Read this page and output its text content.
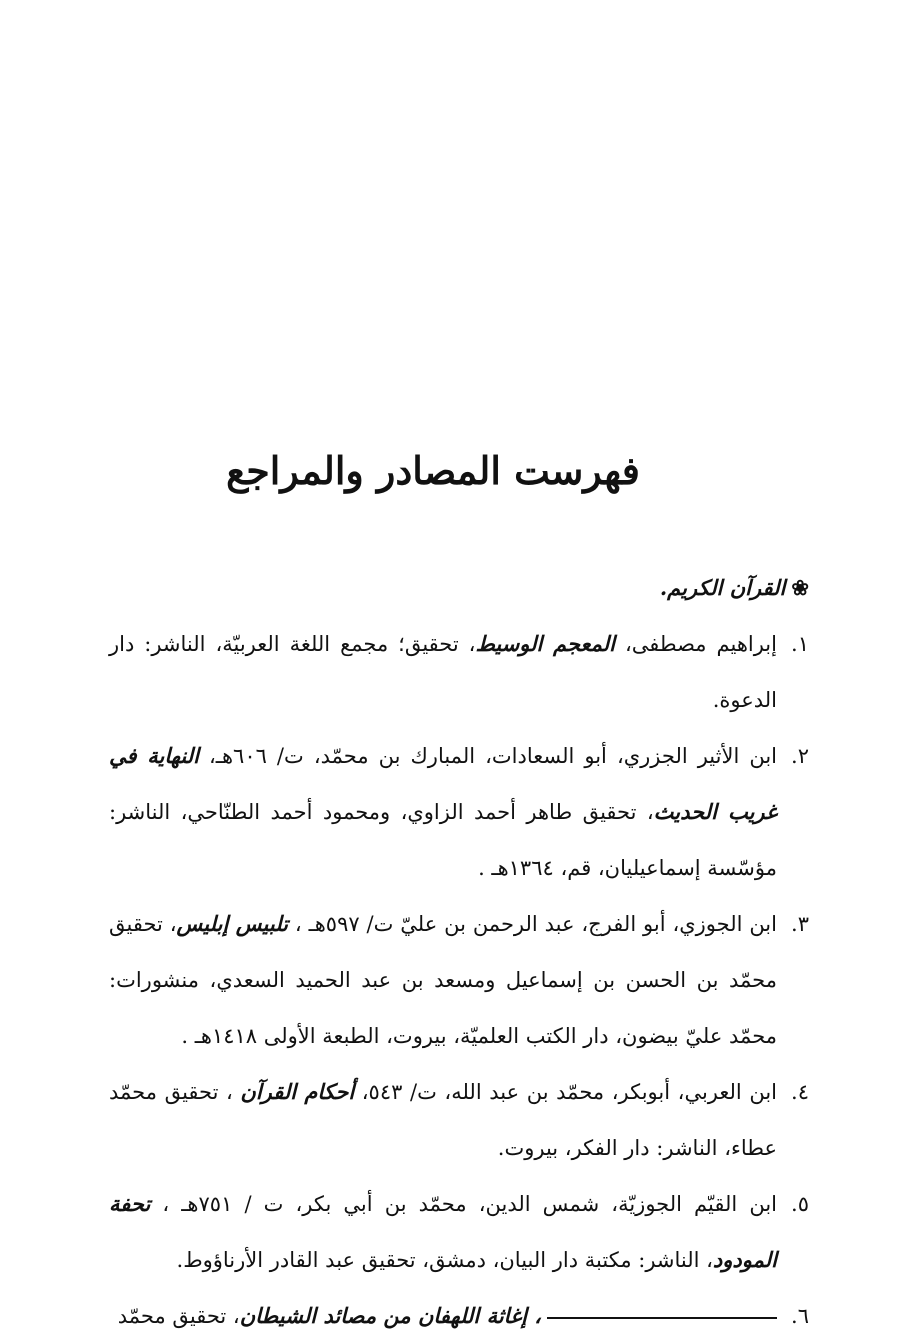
فهرست المصادر والمراجع
❀القرآن الكريم.
١.
إبراهيم مصطفى، المعجم الوسيط، تحقيق؛ مجمع اللغة العربيّة، الناشر: دار الدعوة.
٢.
ابن الأثير الجزري، أبو السعادات، المبارك بن محمّد، ت/ ٦٠٦هـ، النهاية في غريب الحديث، تحقيق طاهر أحمد الزاوي، ومحمود أحمد الطنّاحي، الناشر: مؤسّسة إسماعيليان، قم، ١٣٦٤هـ .
٣.
ابن الجوزي، أبو الفرج، عبد الرحمن بن عليّ ت/ ٥٩٧هـ ، تلبيس إبليس، تحقيق محمّد بن الحسن بن إسماعيل ومسعد بن عبد الحميد السعدي، منشورات: محمّد عليّ بيضون، دار الكتب العلميّة، بيروت، الطبعة الأولى ١٤١٨هـ .
٤.
ابن العربي، أبوبكر، محمّد بن عبد الله، ت/ ٥٤٣، أحكام القرآن ، تحقيق محمّد عطاء، الناشر: دار الفكر، بيروت.
٥.
ابن القيّم الجوزيّة، شمس الدين، محمّد بن أبي بكر، ت / ٧٥١هـ ، تحفة المودود، الناشر: مكتبة دار البيان، دمشق، تحقيق عبد القادر الأرناؤوط.
٦.
، إغاثة اللهفان من مصائد الشيطان، تحقيق محمّد
